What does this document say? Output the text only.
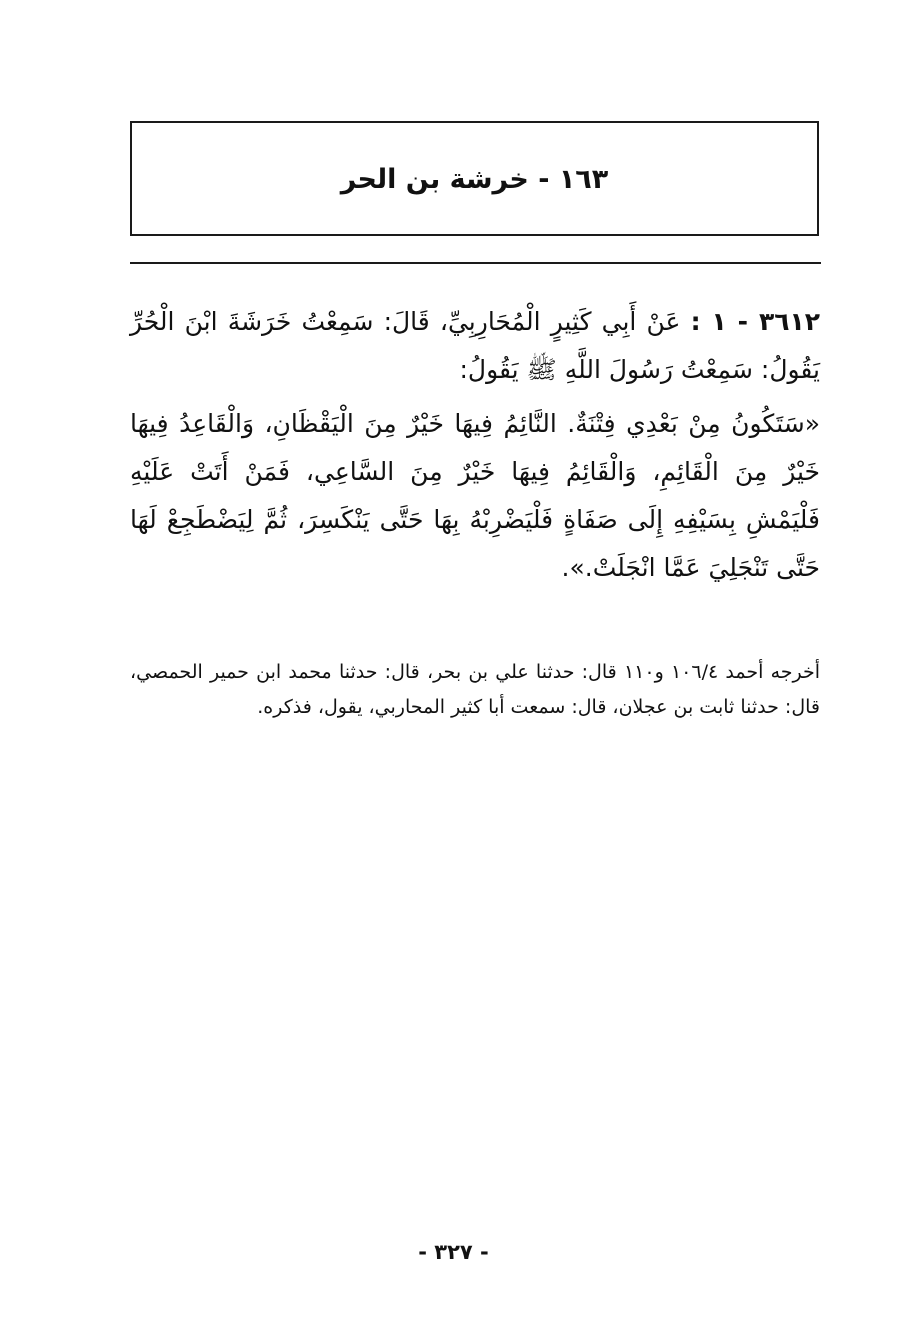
١٦٣ - خرشة بن الحر

٣٦١٢ - ١ : عَنْ أَبِي كَثِيرٍ الْمُحَارِبِيِّ، قَالَ: سَمِعْتُ خَرَشَةَ ابْنَ الْحُرِّ يَقُولُ: سَمِعْتُ رَسُولَ اللَّهِ ﷺ يَقُولُ:

«سَتَكُونُ مِنْ بَعْدِي فِتْنَةٌ. النَّائِمُ فِيهَا خَيْرٌ مِنَ الْيَقْظَانِ، وَالْقَاعِدُ فِيهَا خَيْرٌ مِنَ الْقَائِمِ، وَالْقَائِمُ فِيهَا خَيْرٌ مِنَ السَّاعِي، فَمَنْ أَتَتْ عَلَيْهِ فَلْيَمْشِ بِسَيْفِهِ إِلَى صَفَاةٍ فَلْيَضْرِبْهُ بِهَا حَتَّى يَنْكَسِرَ، ثُمَّ لِيَضْطَجِعْ لَهَا حَتَّى تَنْجَلِيَ عَمَّا انْجَلَتْ.».

أخرجه أحمد ١٠٦/٤ و١١٠ قال: حدثنا علي بن بحر، قال: حدثنا محمد ابن حمير الحمصي، قال: حدثنا ثابت بن عجلان، قال: سمعت أبا كثير المحاربي، يقول، فذكره.
- ٣٢٧ -
